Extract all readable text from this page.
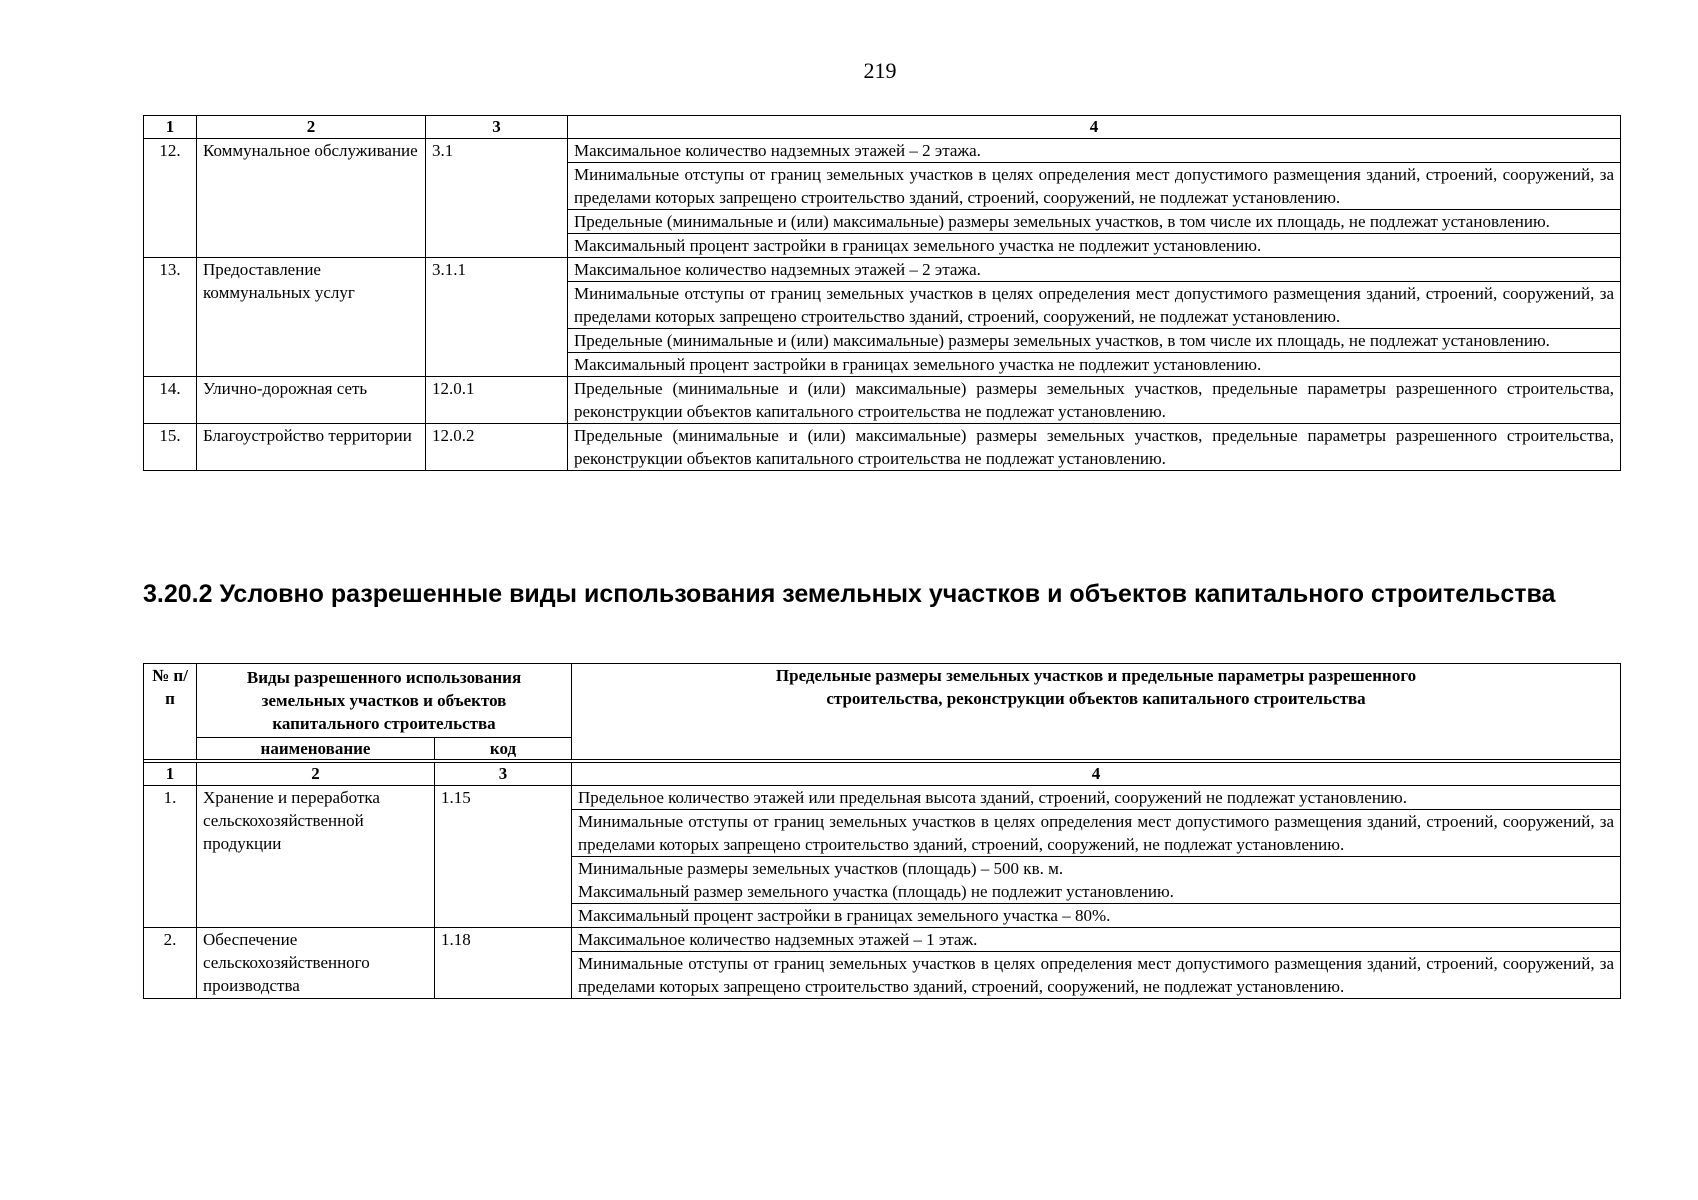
219
1	2	3	4
12.	Коммунальное обслуживание	3.1	Максимальное количество надземных этажей – 2 этажа.
			Минимальные отступы от границ земельных участков в целях определения мест допустимого размещения зданий, строений, сооружений, за пределами которых запрещено строительство зданий, строений, сооружений, не подлежат установлению.
			Предельные (минимальные и (или) максимальные) размеры земельных участков, в том числе их площадь, не подлежат установлению.
			Максимальный процент застройки в границах земельного участка не подлежит установлению.
13.	Предоставление коммунальных услуг	3.1.1	Максимальное количество надземных этажей – 2 этажа.
			Минимальные отступы от границ земельных участков в целях определения мест допустимого размещения зданий, строений, сооружений, за пределами которых запрещено строительство зданий, строений, сооружений, не подлежат установлению.
			Предельные (минимальные и (или) максимальные) размеры земельных участков, в том числе их площадь, не подлежат установлению.
			Максимальный процент застройки в границах земельного участка не подлежит установлению.
14.	Улично-дорожная сеть	12.0.1	Предельные (минимальные и (или) максимальные) размеры земельных участков, предельные параметры разрешенного строительства, реконструкции объектов капитального строительства не подлежат установлению.
15.	Благоустройство территории	12.0.2	Предельные (минимальные и (или) максимальные) размеры земельных участков, предельные параметры разрешенного строительства, реконструкции объектов капитального строительства не подлежат установлению.
3.20.2 Условно разрешенные виды использования земельных участков и объектов капитального строительства
№ п/п	Виды разрешенного использования земельных участков и объектов капитального строительства		Предельные размеры земельных участков и предельные параметры разрешенного строительства, реконструкции объектов капитального строительства
	наименование	код	

1	2	3	4
1.	Хранение и переработка сельскохозяйственной продукции	1.15	Предельное количество этажей или предельная высота зданий, строений, сооружений не подлежат установлению.
			Минимальные отступы от границ земельных участков в целях определения мест допустимого размещения зданий, строений, сооружений, за пределами которых запрещено строительство зданий, строений, сооружений, не подлежат установлению.
			Минимальные размеры земельных участков (площадь) – 500 кв. м.
Максимальный размер земельного участка (площадь) не подлежит установлению.
			Максимальный процент застройки в границах земельного участка – 80%.
2.	Обеспечение сельскохозяйственного производства	1.18	Максимальное количество надземных этажей – 1 этаж.
			Минимальные отступы от границ земельных участков в целях определения мест допустимого размещения зданий, строений, сооружений, за пределами которых запрещено строительство зданий, строений, сооружений, не подлежат установлению.
